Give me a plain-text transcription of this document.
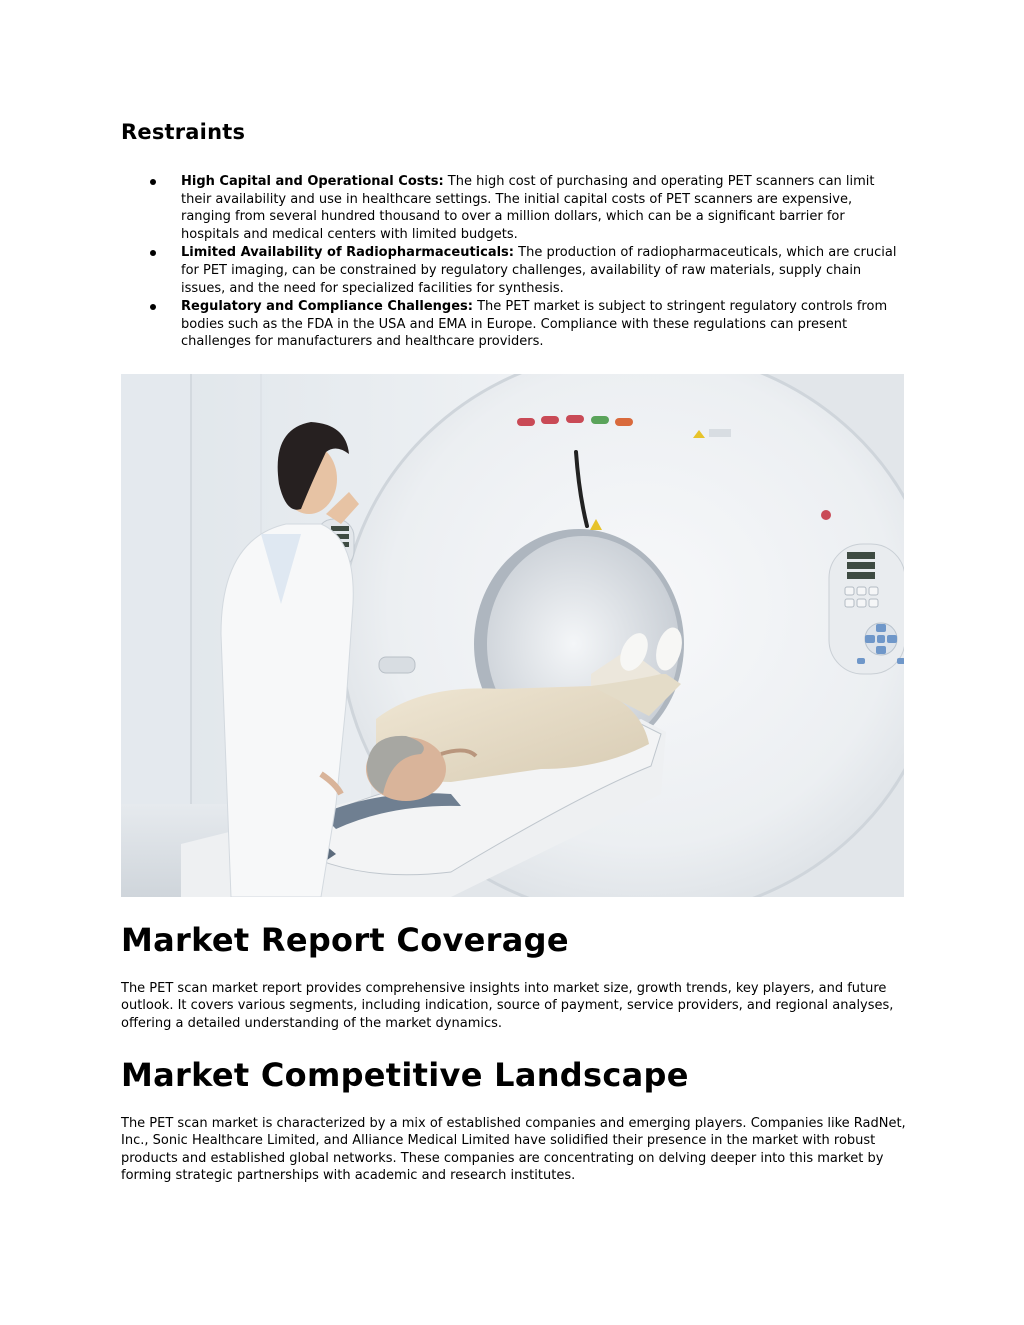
Restraints
High Capital and Operational Costs: The high cost of purchasing and operating PET scanners can limit their availability and use in healthcare settings. The initial capital costs of PET scanners are expensive, ranging from several hundred thousand to over a million dollars, which can be a significant barrier for hospitals and medical centers with limited budgets.
Limited Availability of Radiopharmaceuticals: The production of radiopharmaceuticals, which are crucial for PET imaging, can be constrained by regulatory challenges, availability of raw materials, supply chain issues, and the need for specialized facilities for synthesis.
Regulatory and Compliance Challenges: The PET market is subject to stringent regulatory controls from bodies such as the FDA in the USA and EMA in Europe. Compliance with these regulations can present challenges for manufacturers and healthcare providers.
Market Report Coverage

The PET scan market report provides comprehensive insights into market size, growth trends, key players, and future outlook. It covers various segments, including indication, source of payment, service providers, and regional analyses, offering a detailed understanding of the market dynamics.

Market Competitive Landscape

The PET scan market is characterized by a mix of established companies and emerging players. Companies like RadNet, Inc., Sonic Healthcare Limited, and Alliance Medical Limited have solidified their presence in the market with robust products and established global networks. These companies are concentrating on delving deeper into this market by forming strategic partnerships with academic and research institutes.
